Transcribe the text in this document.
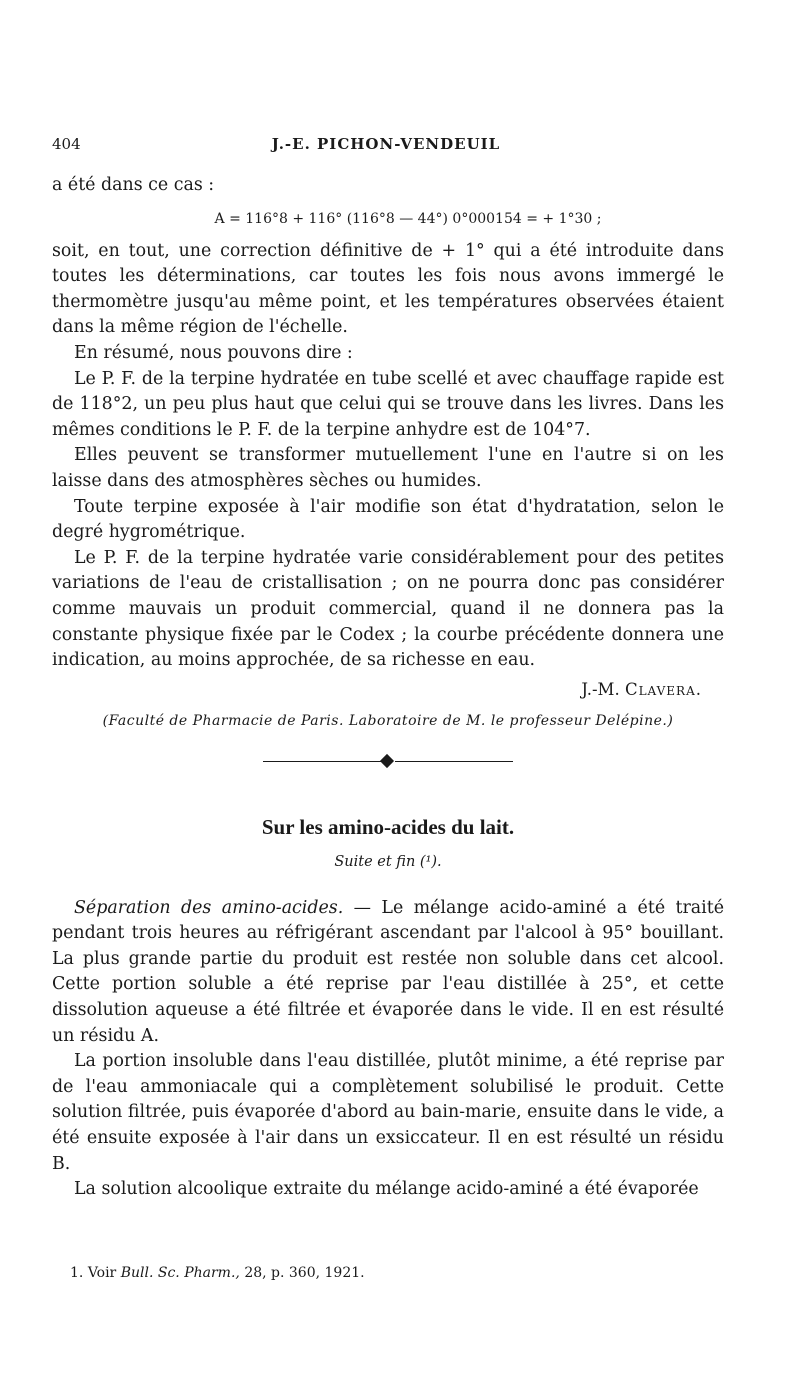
404	J.-E. PICHON-VENDEUIL

a été dans ce cas :

A = 116°8 + 116° (116°8 — 44°) 0°000154 = + 1°30 ;

soit, en tout, une correction définitive de + 1° qui a été introduite dans toutes les déterminations, car toutes les fois nous avons immergé le thermomètre jusqu'au même point, et les températures observées étaient dans la même région de l'échelle.

En résumé, nous pouvons dire :

Le P. F. de la terpine hydratée en tube scellé et avec chauffage rapide est de 118°2, un peu plus haut que celui qui se trouve dans les livres. Dans les mêmes conditions le P. F. de la terpine anhydre est de 104°7.

Elles peuvent se transformer mutuellement l'une en l'autre si on les laisse dans des atmosphères sèches ou humides.

Toute terpine exposée à l'air modifie son état d'hydratation, selon le degré hygrométrique.

Le P. F. de la terpine hydratée varie considérablement pour des petites variations de l'eau de cristallisation ; on ne pourra donc pas considérer comme mauvais un produit commercial, quand il ne donnera pas la constante physique fixée par le Codex ; la courbe précédente donnera une indication, au moins approchée, de sa richesse en eau.

J.-M. Clavera.
(Faculté de Pharmacie de Paris. Laboratoire de M. le professeur Delépine.)
Sur les amino-acides du lait.
Suite et fin (¹).

Séparation des amino-acides. — Le mélange acido-aminé a été traité pendant trois heures au réfrigérant ascendant par l'alcool à 95° bouillant. La plus grande partie du produit est restée non soluble dans cet alcool. Cette portion soluble a été reprise par l'eau distillée à 25°, et cette dissolution aqueuse a été filtrée et évaporée dans le vide. Il en est résulté un résidu A.

La portion insoluble dans l'eau distillée, plutôt minime, a été reprise par de l'eau ammoniacale qui a complètement solubilisé le produit. Cette solution filtrée, puis évaporée d'abord au bain-marie, ensuite dans le vide, a été ensuite exposée à l'air dans un exsiccateur. Il en est résulté un résidu B.

La solution alcoolique extraite du mélange acido-aminé a été évaporée

1. Voir Bull. Sc. Pharm., 28, p. 360, 1921.
